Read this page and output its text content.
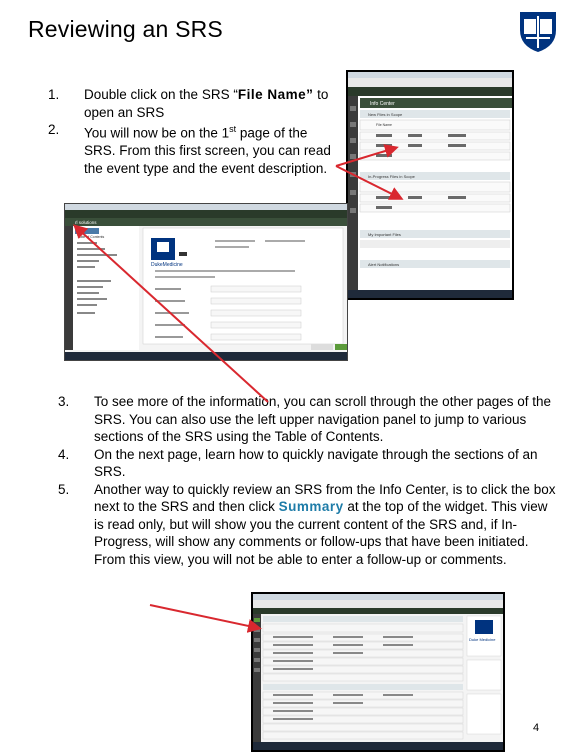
Reviewing an SRS
1. Double click on the SRS “File Name” to open an SRS
2. You will now be on the 1st page of the SRS. From this first screen, you can read the event type and the event description.
Info Center
New Files in Scope
File Name
In-Progress Files in Scope
My Important Files
Alert Notifications
rl solutions
Table of Contents
DukeMedicine
3. To see more of the information, you can scroll through the other pages of the SRS. You can also use the left upper navigation panel to jump to various sections of the SRS using the Table of Contents.
4. On the next page, learn how to quickly navigate through the sections of an SRS.
5. Another way to quickly review an SRS from the Info Center, is to click the box next to the SRS and then click Summary at the top of the widget. This view is read only, but will show you the current content of the SRS and, if In-Progress, will show any comments or follow-ups that have been initiated. From this view, you will not be able to enter a follow-up or comments.
Duke Medicine
4
